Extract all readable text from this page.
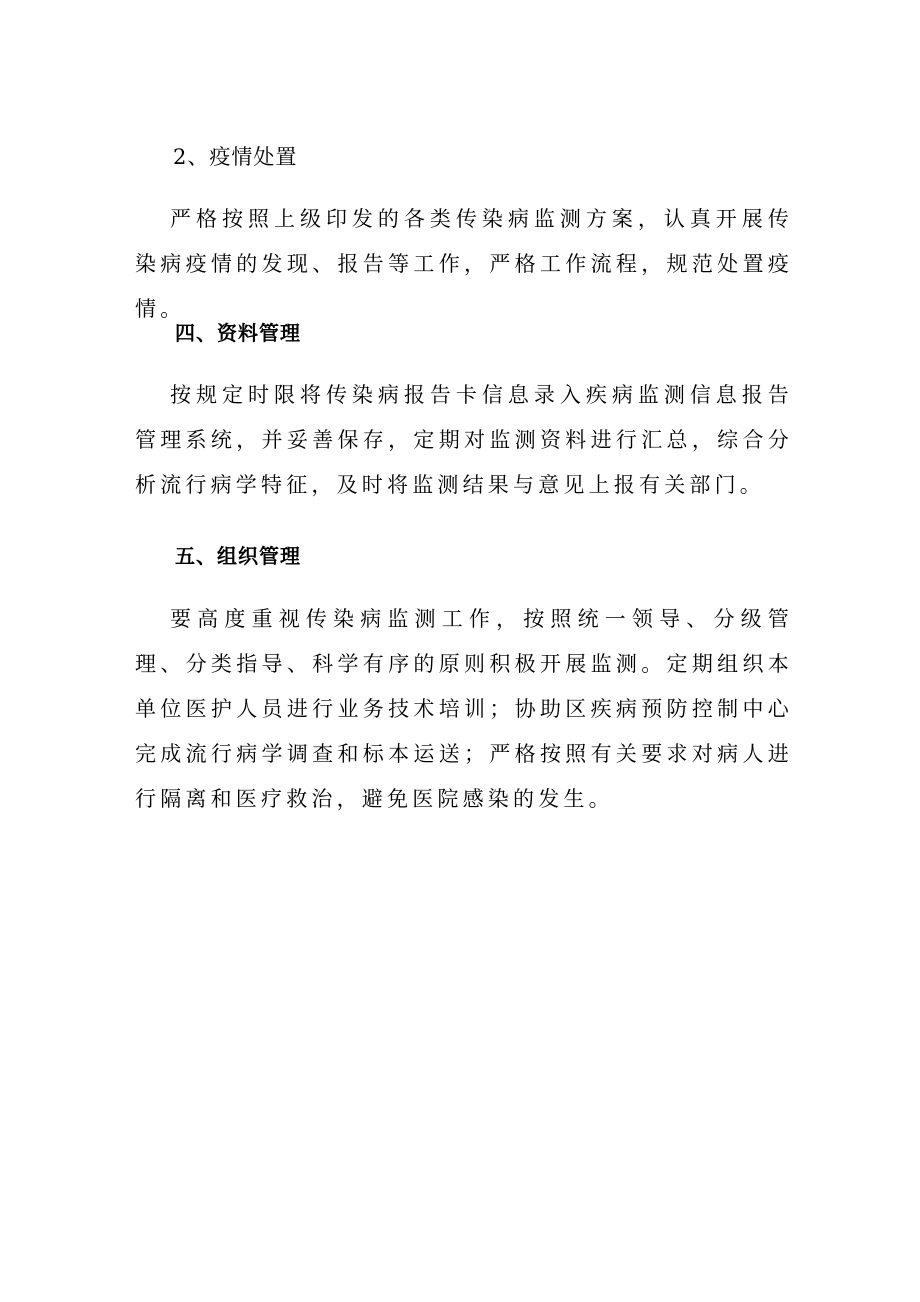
2、疫情处置

严格按照上级印发的各类传染病监测方案，认真开展传染病疫情的发现、报告等工作，严格工作流程，规范处置疫情。

四、资料管理

按规定时限将传染病报告卡信息录入疾病监测信息报告管理系统，并妥善保存，定期对监测资料进行汇总，综合分析流行病学特征，及时将监测结果与意见上报有关部门。

五、组织管理

要高度重视传染病监测工作，按照统一领导、分级管理、分类指导、科学有序的原则积极开展监测。定期组织本单位医护人员进行业务技术培训；协助区疾病预防控制中心完成流行病学调查和标本运送；严格按照有关要求对病人进行隔离和医疗救治，避免医院感染的发生。
